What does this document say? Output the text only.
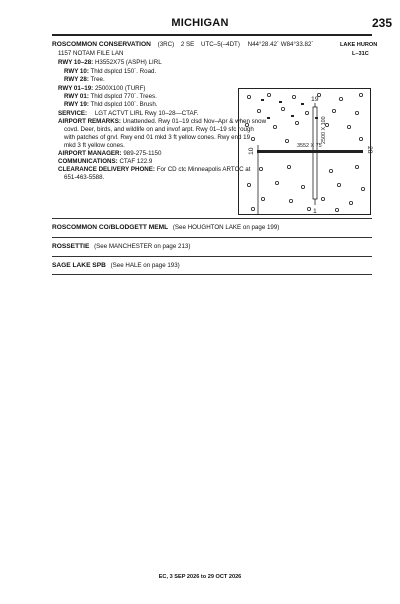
MICHIGAN	235
ROSCOMMON CONSERVATION (3RC) 2 SE UTC–5(–4DT) N44°28.42´ W84°33.82´	LAKE HURON
L–31C
1157 NOTAM FILE LAN
RWY 10–28: H3552X75 (ASPH) LIRL
RWY 10: Thld dsplcd 150´. Road.
RWY 28: Tree.
RWY 01–19: 2500X100 (TURF)
RWY 01: Thld dsplcd 770´. Trees.
RWY 19: Thld dsplcd 100´. Brush.
SERVICE: LGT ACTVT LIRL Rwy 10–28—CTAF.
AIRPORT REMARKS: Unattended. Rwy 01–19 clsd Nov–Apr & when snow
covd. Deer, birds, and wildlife on and invof arpt. Rwy 01–19 sfc rough
with patches of grvl. Rwy end 01 mkd 3 ft yellow cones. Rwy end 19
mkd 3 ft yellow cones.
AIRPORT MANAGER: 989-275-1150
COMMUNICATIONS: CTAF 122.9
CLEARANCE DELIVERY PHONE: For CD ctc Minneapolis ARTCC at
651-463-5588.
3552 X 75
2500 X 100
10	28
19
1
ROSCOMMON CO/BLODGETT MEML (See HOUGHTON LAKE on page 199)
ROSSETTIE (See MANCHESTER on page 213)
SAGE LAKE SPB (See HALE on page 193)
EC, 3 SEP 2026 to 29 OCT 2026
